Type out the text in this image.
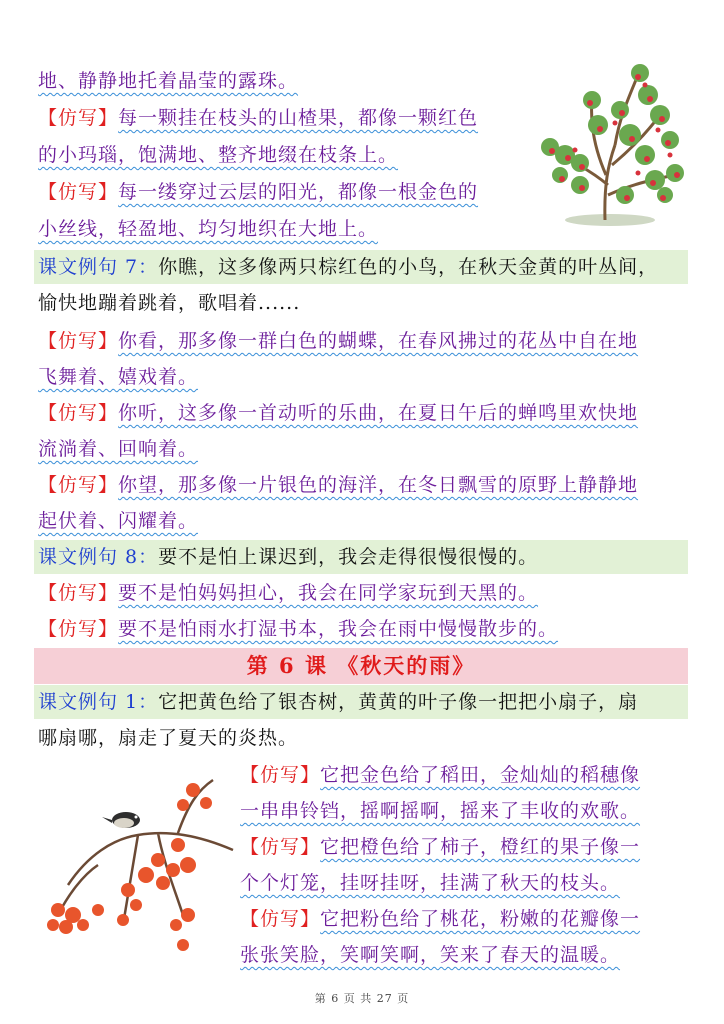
地、静静地托着晶莹的露珠。
【仿写】每一颗挂在枝头的山楂果，都像一颗红色
的小玛瑙，饱满地、整齐地缀在枝条上。
【仿写】每一缕穿过云层的阳光，都像一根金色的
小丝线，轻盈地、均匀地织在大地上。
课文例句 7：你瞧，这多像两只棕红色的小鸟，在秋天金黄的叶丛间，
愉快地蹦着跳着，歌唱着......
【仿写】你看，那多像一群白色的蝴蝶，在春风拂过的花丛中自在地
飞舞着、嬉戏着。
【仿写】你听，这多像一首动听的乐曲，在夏日午后的蝉鸣里欢快地
流淌着、回响着。
【仿写】你望，那多像一片银色的海洋，在冬日飘雪的原野上静静地
起伏着、闪耀着。
课文例句 8：要不是怕上课迟到，我会走得很慢很慢的。
【仿写】要不是怕妈妈担心，我会在同学家玩到天黑的。
【仿写】要不是怕雨水打湿书本，我会在雨中慢慢散步的。
第 6 课 《秋天的雨》
课文例句 1：它把黄色给了银杏树，黄黄的叶子像一把把小扇子，扇
哪扇哪，扇走了夏天的炎热。
【仿写】它把金色给了稻田，金灿灿的稻穗像
一串串铃铛，摇啊摇啊，摇来了丰收的欢歌。
【仿写】它把橙色给了柿子，橙红的果子像一
个个灯笼，挂呀挂呀，挂满了秋天的枝头。
【仿写】它把粉色给了桃花，粉嫩的花瓣像一
张张笑脸，笑啊笑啊，笑来了春天的温暖。
第 6 页 共 27 页
